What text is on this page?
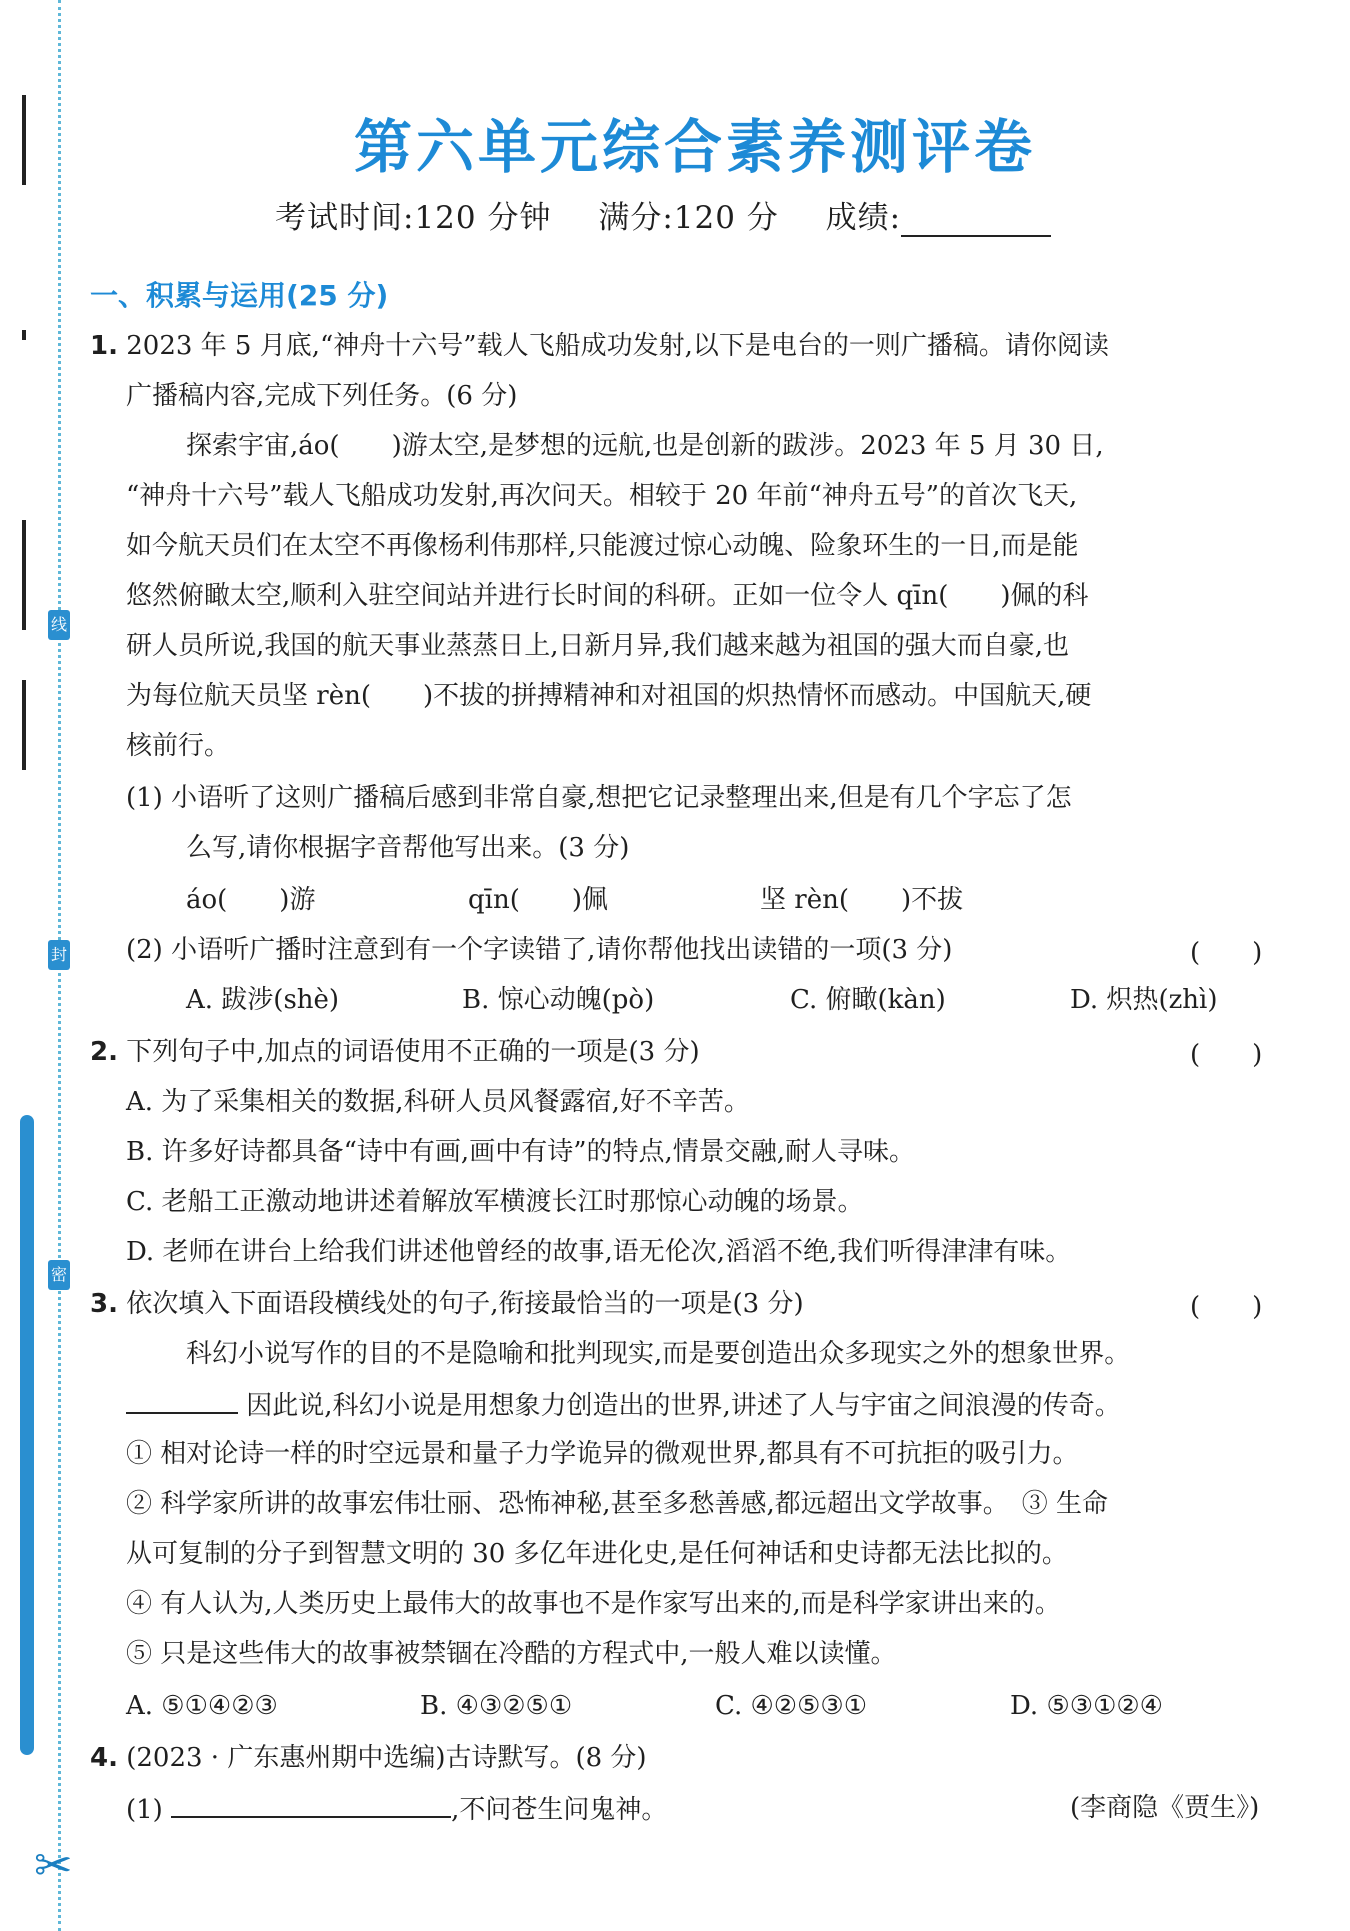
线
封
密
✂
第六单元综合素养测评卷
考试时间:120 分钟 满分:120 分 成绩:
一、积累与运用(25 分)
1. 2023 年 5 月底,“神舟十六号”载人飞船成功发射,以下是电台的一则广播稿。请你阅读
广播稿内容,完成下列任务。(6 分)
探索宇宙,áo(　　)游太空,是梦想的远航,也是创新的跋涉。2023 年 5 月 30 日,
“神舟十六号”载人飞船成功发射,再次问天。相较于 20 年前“神舟五号”的首次飞天,
如今航天员们在太空不再像杨利伟那样,只能渡过惊心动魄、险象环生的一日,而是能
悠然俯瞰太空,顺利入驻空间站并进行长时间的科研。正如一位令人 qīn(　　)佩的科
研人员所说,我国的航天事业蒸蒸日上,日新月异,我们越来越为祖国的强大而自豪,也
为每位航天员坚 rèn(　　)不拔的拼搏精神和对祖国的炽热情怀而感动。中国航天,硬
核前行。
(1) 小语听了这则广播稿后感到非常自豪,想把它记录整理出来,但是有几个字忘了怎
么写,请你根据字音帮他写出来。(3 分)
áo(　　)游	qīn(　　)佩	坚 rèn(　　)不拔
(2) 小语听广播时注意到有一个字读错了,请你帮他找出读错的一项(3 分)	(　　)
A. 跋涉(shè)	B. 惊心动魄(pò)	C. 俯瞰(kàn)	D. 炽热(zhì)
2. 下列句子中,加点的词语使用不正确的一项是(3 分)	(　　)
A. 为了采集相关的数据,科研人员风餐露宿,好不辛苦。
B. 许多好诗都具备“诗中有画,画中有诗”的特点,情景交融,耐人寻味。
C. 老船工正激动地讲述着解放军横渡长江时那惊心动魄的场景。
D. 老师在讲台上给我们讲述他曾经的故事,语无伦次,滔滔不绝,我们听得津津有味。
3. 依次填入下面语段横线处的句子,衔接最恰当的一项是(3 分)	(　　)
科幻小说写作的目的不是隐喻和批判现实,而是要创造出众多现实之外的想象世界。
因此说,科幻小说是用想象力创造出的世界,讲述了人与宇宙之间浪漫的传奇。
① 相对论诗一样的时空远景和量子力学诡异的微观世界,都具有不可抗拒的吸引力。
② 科学家所讲的故事宏伟壮丽、恐怖神秘,甚至多愁善感,都远超出文学故事。　③ 生命
从可复制的分子到智慧文明的 30 多亿年进化史,是任何神话和史诗都无法比拟的。
④ 有人认为,人类历史上最伟大的故事也不是作家写出来的,而是科学家讲出来的。
⑤ 只是这些伟大的故事被禁锢在冷酷的方程式中,一般人难以读懂。
A. ⑤①④②③	B. ④③②⑤①	C. ④②⑤③①	D. ⑤③①②④
4. (2023 · 广东惠州期中选编)古诗默写。(8 分)
(1)	,不问苍生问鬼神。	(李商隐《贾生》)
